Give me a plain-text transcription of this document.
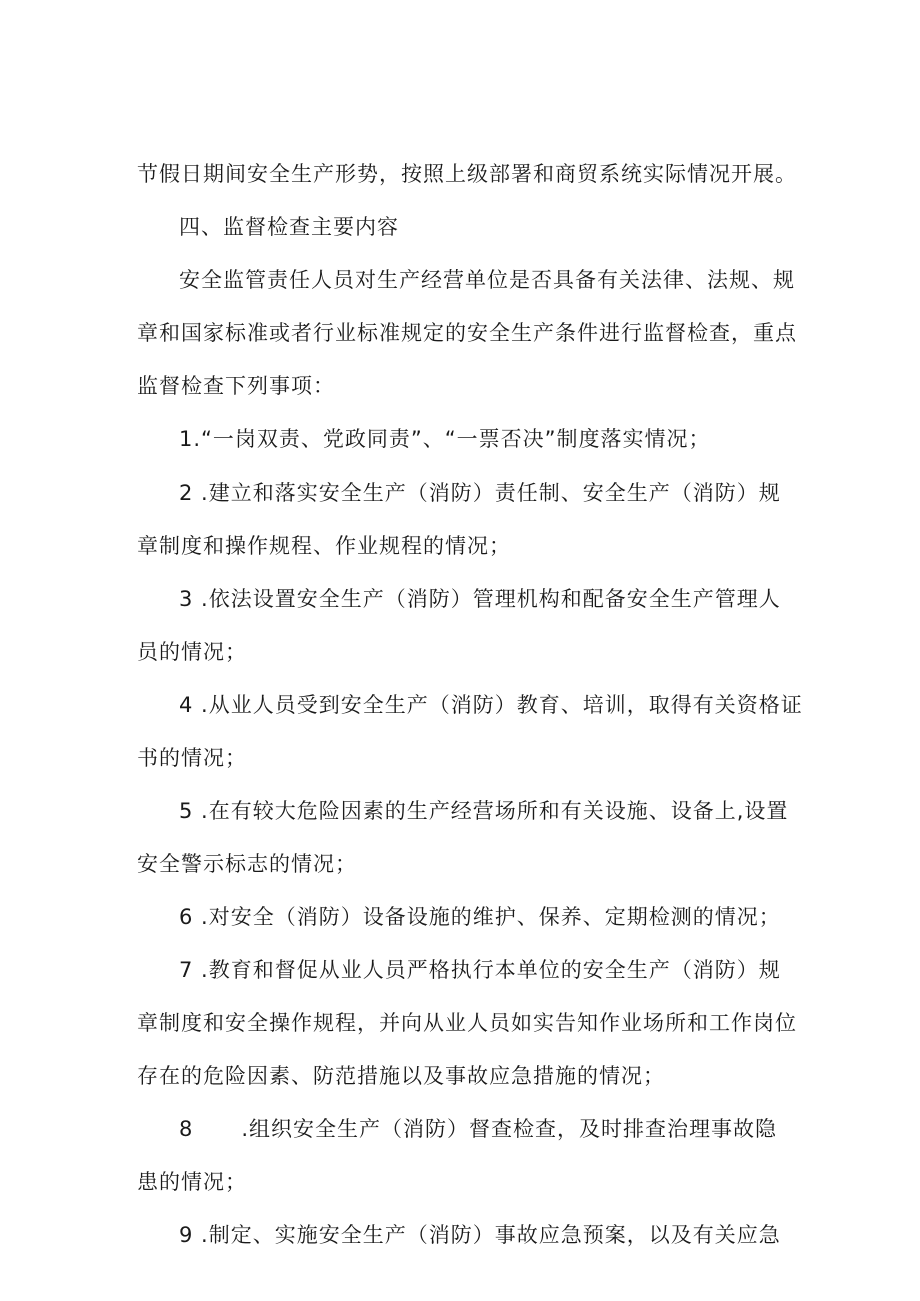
节假日期间安全生产形势，按照上级部署和商贸系统实际情况开展。
四、监督检查主要内容
安全监管责任人员对生产经营单位是否具备有关法律、法规、规
章和国家标准或者行业标准规定的安全生产条件进行监督检查，重点
监督检查下列事项：
1.“一岗双责、党政同责”、“一票否决”制度落实情况；
2 .建立和落实安全生产（消防）责任制、安全生产（消防）规
章制度和操作规程、作业规程的情况；
3 .依法设置安全生产（消防）管理机构和配备安全生产管理人
员的情况；
4 .从业人员受到安全生产（消防）教育、培训，取得有关资格证
书的情况；
5 .在有较大危险因素的生产经营场所和有关设施、设备上,设置
安全警示标志的情况；
6 .对安全（消防）设备设施的维护、保养、定期检测的情况；
7 .教育和督促从业人员严格执行本单位的安全生产（消防）规
章制度和安全操作规程，并向从业人员如实告知作业场所和工作岗位
存在的危险因素、防范措施以及事故应急措施的情况；
8 .组织安全生产（消防）督查检查，及时排查治理事故隐
患的情况；
9 .制定、实施安全生产（消防）事故应急预案，以及有关应急
